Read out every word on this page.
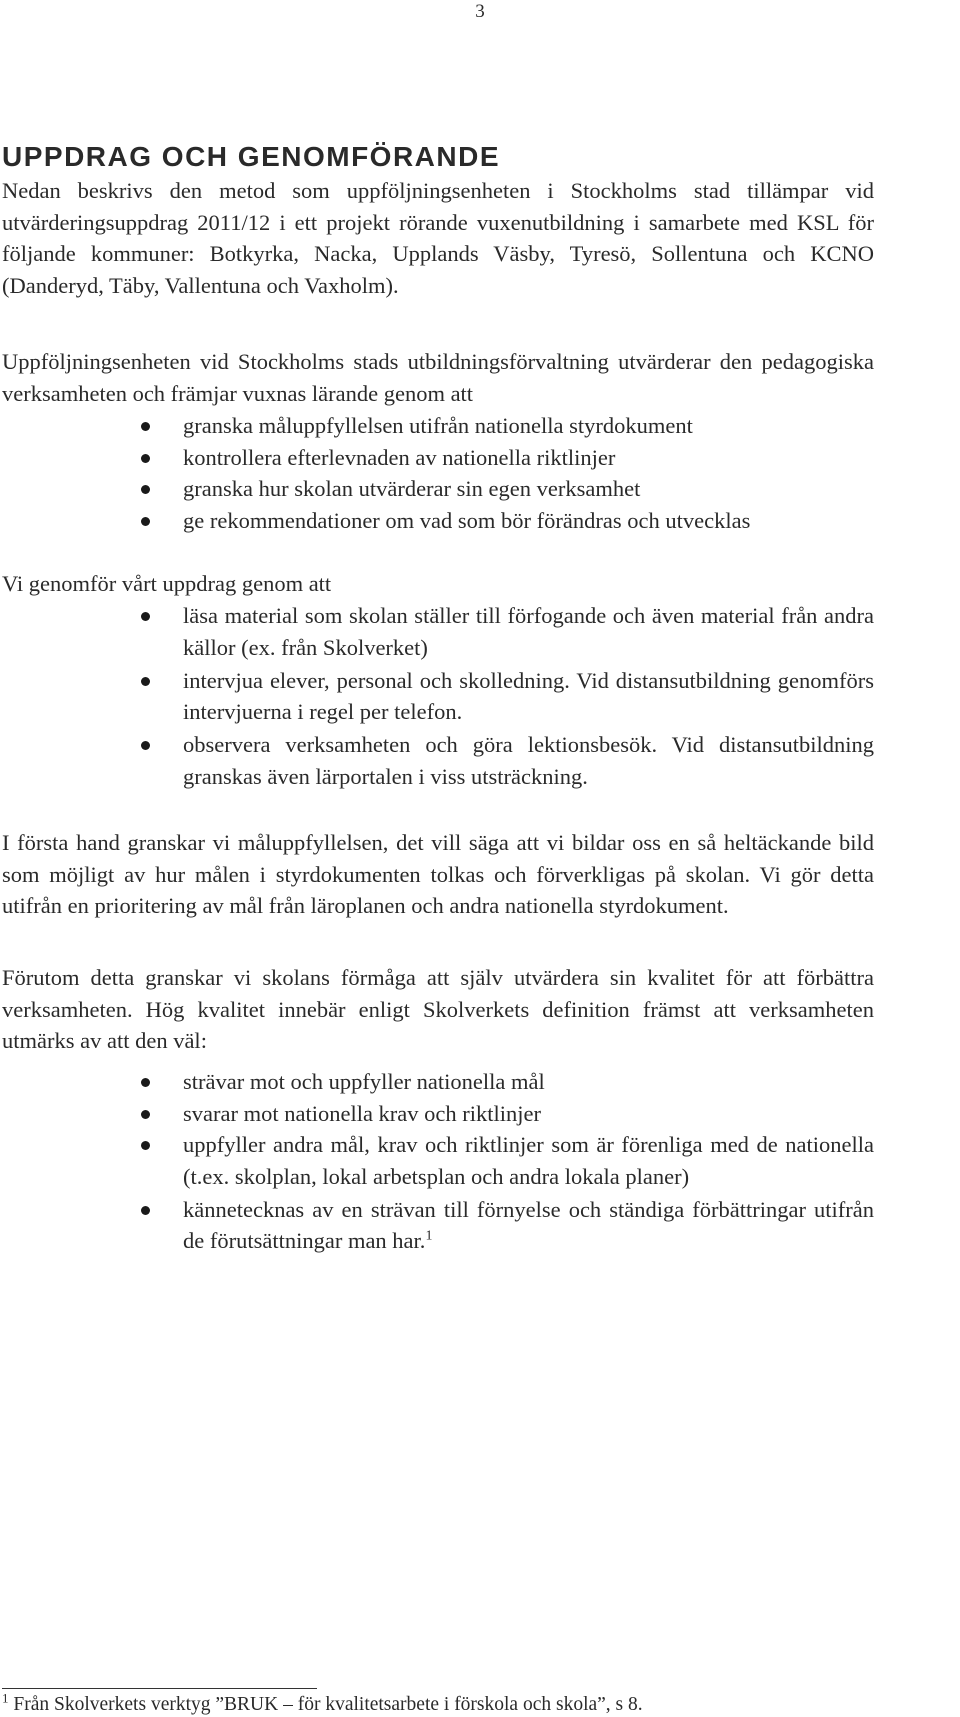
3
UPPDRAG OCH GENOMFÖRANDE

Nedan beskrivs den metod som uppföljningsenheten i Stockholms stad tillämpar vid utvärderingsuppdrag 2011/12 i ett projekt rörande vuxenutbildning i samarbete med KSL för följande kommuner: Botkyrka, Nacka, Upplands Väsby, Tyresö, Sollentuna och KCNO (Danderyd, Täby, Vallentuna och Vaxholm).

Uppföljningsenheten vid Stockholms stads utbildningsförvaltning utvärderar den pedagogiska verksamheten och främjar vuxnas lärande genom att

granska måluppfyllelsen utifrån nationella styrdokument
kontrollera efterlevnaden av nationella riktlinjer
granska hur skolan utvärderar sin egen verksamhet
ge rekommendationer om vad som bör förändras och utvecklas

Vi genomför vårt uppdrag genom att

läsa material som skolan ställer till förfogande och även material från andra källor (ex. från Skolverket)
intervjua elever, personal och skolledning. Vid distansutbildning genomförs intervjuerna i regel per telefon.
observera verksamheten och göra lektionsbesök. Vid distansutbildning granskas även lärportalen i viss utsträckning.

I första hand granskar vi måluppfyllelsen, det vill säga att vi bildar oss en så heltäckande bild som möjligt av hur målen i styrdokumenten tolkas och förverkligas på skolan. Vi gör detta utifrån en prioritering av mål från läroplanen och andra nationella styrdokument.

Förutom detta granskar vi skolans förmåga att själv utvärdera sin kvalitet för att förbättra verksamheten. Hög kvalitet innebär enligt Skolverkets definition främst att verksamheten utmärks av att den väl:

strävar mot och uppfyller nationella mål
svarar mot nationella krav och riktlinjer
uppfyller andra mål, krav och riktlinjer som är förenliga med de nationella (t.ex. skolplan, lokal arbetsplan och andra lokala planer)
kännetecknas av en strävan till förnyelse och ständiga förbättringar utifrån de förutsättningar man har.$^1$

$^1$ Från Skolverkets verktyg ”BRUK – för kvalitetsarbete i förskola och skola”, s 8.
